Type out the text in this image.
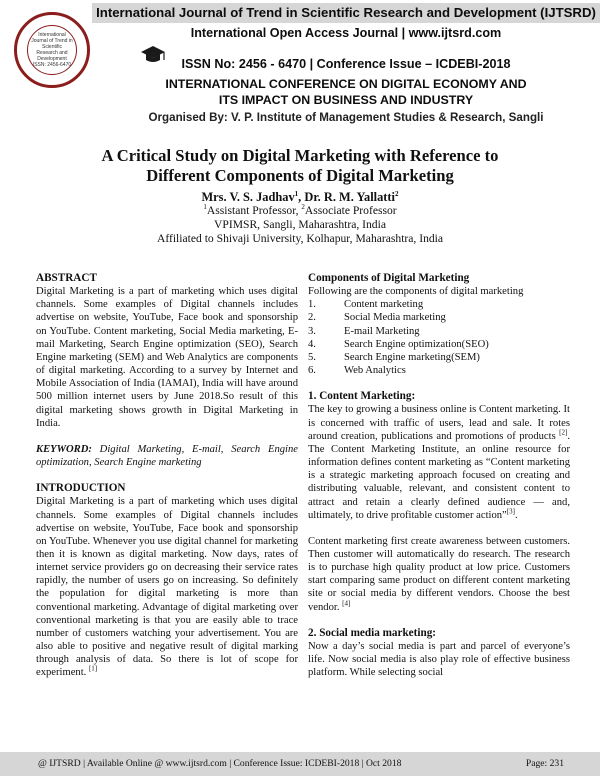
International Journal of Trend in Scientific Research and Development ISSN: 2456-6470
International Journal of Trend in Scientific Research and Development (IJTSRD)
International Open Access Journal | www.ijtsrd.com
ISSN No: 2456 - 6470 | Conference Issue – ICDEBI-2018
INTERNATIONAL CONFERENCE ON DIGITAL ECONOMY AND
ITS IMPACT ON BUSINESS AND INDUSTRY
Organised By: V. P. Institute of Management Studies & Research, Sangli
A Critical Study on Digital Marketing with Reference to
Different Components of Digital Marketing
Mrs. V. S. Jadhav$^1$, Dr. R. M. Yallatti$^2$
$^1$Assistant Professor, $^2$Associate Professor
VPIMSR, Sangli, Maharashtra, India
Affiliated to Shivaji University, Kolhapur, Maharashtra, India
ABSTRACT

Digital Marketing is a part of marketing which uses digital channels. Some examples of Digital channels includes advertise on website, YouTube, Face book and sponsorship on YouTube. Content marketing, Social Media marketing, E-mail Marketing, Search Engine optimization (SEO), Search Engine marketing (SEM) and Web Analytics are components of digital marketing. According to a survey by Internet and Mobile Association of India (IAMAI), India will have around 500 million internet users by June 2018.So result of this digital marketing shows growth in Digital Marketing in India.

KEYWORD: Digital Marketing, E-mail, Search Engine optimization, Search Engine marketing

INTRODUCTION

Digital Marketing is a part of marketing which uses digital channels. Some examples of Digital channels includes advertise on website, YouTube, Face book and sponsorship on YouTube. Whenever you use digital channel for marketing then it is known as digital marketing. Now days, rates of internet service providers go on decreasing their service rates rapidly, the number of users go on increasing. So definitely the population for digital marketing is more than conventional marketing. Advantage of digital marketing over conventional marketing is that you are easily able to trace number of customers watching your advertisement. You are also able to positive and negative result of digital marking through analysis of data. So there is lot of scope for experiment. [1]

Components of Digital Marketing

Following are the components of digital marketing

1.	Content marketing
2.	Social Media marketing
3.	E-mail Marketing
4.	Search Engine optimization(SEO)
5.	Search Engine marketing(SEM)
6.	Web Analytics
1. Content Marketing:

The key to growing a business online is Content marketing. It is concerned with traffic of users, lead and sale. It rotes around creation, publications and promotions of products [2]. The Content Marketing Institute, an online resource for information defines content marketing as “Content marketing is a strategic marketing approach focused on creating and distributing valuable, relevant, and consistent content to attract and retain a clearly defined audience — and, ultimately, to drive profitable customer action”[3].

Content marketing first create awareness between customers. Then customer will automatically do research. The research is to purchase high quality product at low price. Customers start comparing same product on different content marketing site or social media by different vendors. Choose the best vendor. [4]

2. Social media marketing:

Now a day’s social media is part and parcel of everyone’s life. Now social media is also play role of effective business platform. While selecting social

@ IJTSRD | Available Online @ www.ijtsrd.com | Conference Issue: ICDEBI-2018 | Oct 2018	Page: 231
